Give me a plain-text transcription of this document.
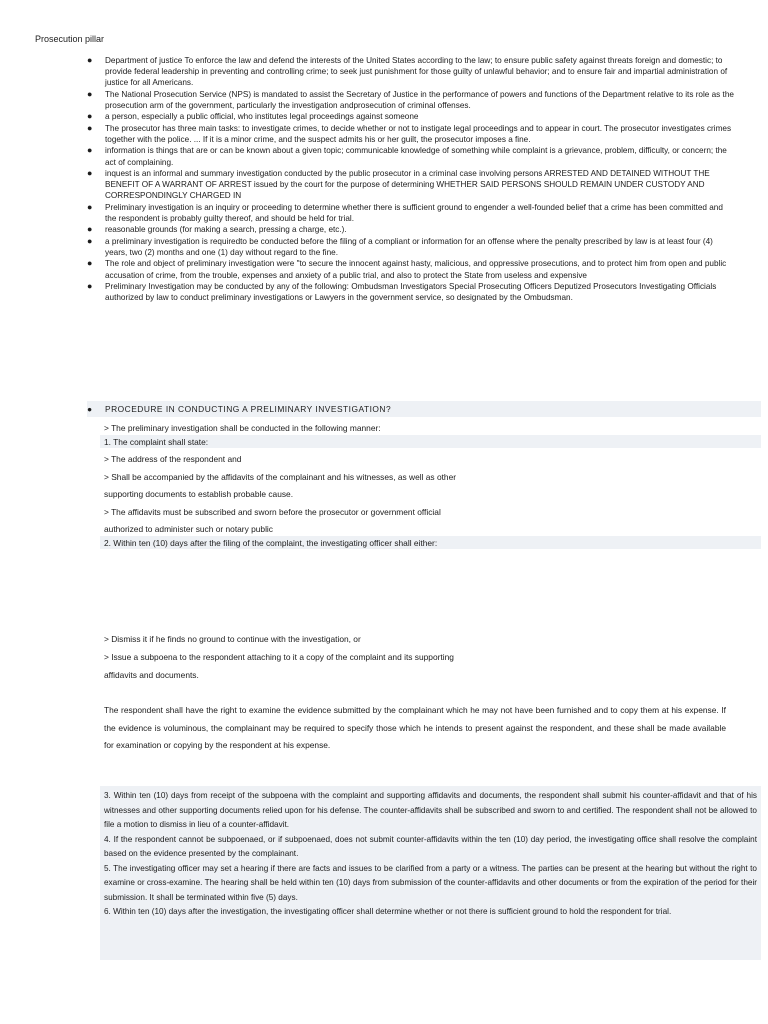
Prosecution pillar
● Department of justice To enforce the law and defend the interests of the United States according to the law; to ensure public safety against threats foreign and domestic; to provide federal leadership in preventing and controlling crime; to seek just punishment for those guilty of unlawful behavior; and to ensure fair and impartial administration of justice for all Americans.
● The National Prosecution Service (NPS) is mandated to assist the Secretary of Justice in the performance of powers and functions of the Department relative to its role as the prosecution arm of the government, particularly the investigation andprosecution of criminal offenses.
● a person, especially a public official, who institutes legal proceedings against someone
● The prosecutor has three main tasks: to investigate crimes, to decide whether or not to instigate legal proceedings and to appear in court. The prosecutor investigates crimes together with the police. ... If it is a minor crime, and the suspect admits his or her guilt, the prosecutor imposes a fine.
● information is things that are or can be known about a given topic; communicable knowledge of something while complaint is a grievance, problem, difficulty, or concern; the act of complaining.
● inquest is an informal and summary investigation conducted by the public prosecutor in a criminal case involving persons ARRESTED AND DETAINED WITHOUT THE BENEFIT OF A WARRANT OF ARREST issued by the court for the purpose of determining WHETHER SAID PERSONS SHOULD REMAIN UNDER CUSTODY AND CORRESPONDINGLY CHARGED IN
● Preliminary investigation is an inquiry or proceeding to determine whether there is sufficient ground to engender a well-founded belief that a crime has been committed and the respondent is probably guilty thereof, and should be held for trial.
● reasonable grounds (for making a search, pressing a charge, etc.).
● a preliminary investigation is requiredto be conducted before the filing of a compliant or information for an offense where the penalty prescribed by law is at least four (4) years, two (2) months and one (1) day without regard to the fine.
● The role and object of preliminary investigation were "to secure the innocent against hasty, malicious, and oppressive prosecutions, and to protect him from open and public accusation of crime, from the trouble, expenses and anxiety of a public trial, and also to protect the State from useless and expensive
● Preliminary Investigation may be conducted by any of the following: Ombudsman Investigators Special Prosecuting Officers Deputized Prosecutors Investigating Officials authorized by law to conduct preliminary investigations or Lawyers in the government service, so designated by the Ombudsman.
● PROCEDURE IN CONDUCTING A PRELIMINARY INVESTIGATION?
> The preliminary investigation shall be conducted in the following manner:
1. The complaint shall state:
> The address of the respondent and
> Shall be accompanied by the affidavits of the complainant and his witnesses, as well as other
supporting documents to establish probable cause.
> The affidavits must be subscribed and sworn before the prosecutor or government official
authorized to administer such or notary public
2. Within ten (10) days after the filing of the complaint, the investigating officer shall either:
> Dismiss it if he finds no ground to continue with the investigation, or
> Issue a subpoena to the respondent attaching to it a copy of the complaint and its supporting
affidavits and documents.
The respondent shall have the right to examine the evidence submitted by the complainant which he may not have been furnished and to copy them at his expense. If the evidence is voluminous, the complainant may be required to specify those which he intends to present against the respondent, and these shall be made available for examination or copying by the respondent at his expense.
3. Within ten (10) days from receipt of the subpoena with the complaint and supporting affidavits and documents, the respondent shall submit his counter-affidavit and that of his witnesses and other supporting documents relied upon for his defense. The counter-affidavits shall be subscribed and sworn to and certified. The respondent shall not be allowed to file a motion to dismiss in lieu of a counter-affidavit.
4. If the respondent cannot be subpoenaed, or if subpoenaed, does not submit counter-affidavits within the ten (10) day period, the investigating office shall resolve the complaint based on the evidence presented by the complainant.
5. The investigating officer may set a hearing if there are facts and issues to be clarified from a party or a witness. The parties can be present at the hearing but without the right to examine or cross-examine. The hearing shall be held within ten (10) days from submission of the counter-affidavits and other documents or from the expiration of the period for their submission. It shall be terminated within five (5) days.
6. Within ten (10) days after the investigation, the investigating officer shall determine whether or not there is sufficient ground to hold the respondent for trial.
